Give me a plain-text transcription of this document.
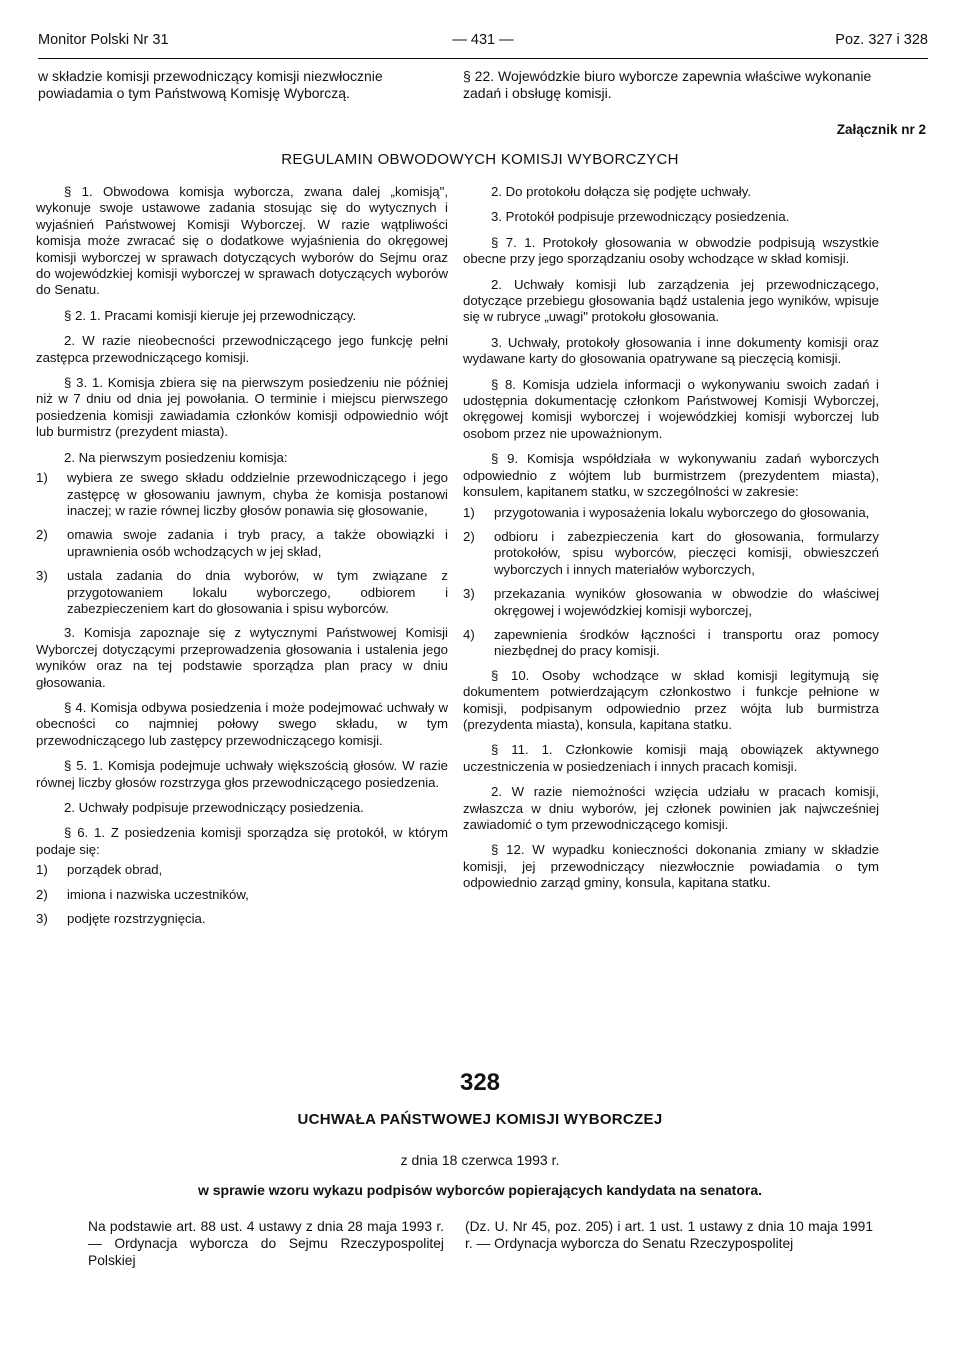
Monitor Polski Nr 31	— 431 —	Poz. 327 i 328
w składzie komisji przewodniczący komisji niezwłocznie powiadamia o tym Państwową Komisję Wyborczą.
§ 22. Wojewódzkie biuro wyborcze zapewnia właściwe wykonanie zadań i obsługę komisji.
Załącznik nr 2
REGULAMIN OBWODOWYCH KOMISJI WYBORCZYCH

§ 1. Obwodowa komisja wyborcza, zwana dalej „komisją", wykonuje swoje ustawowe zadania stosując się do wytycznych i wyjaśnień Państwowej Komisji Wyborczej. W razie wątpliwości komisja może zwracać się o dodatkowe wyjaśnienia do okręgowej komisji wyborczej w sprawach dotyczących wyborów do Sejmu oraz do wojewódzkiej komisji wyborczej w sprawach dotyczących wyborów do Senatu.

§ 2. 1. Pracami komisji kieruje jej przewodniczący.

2. W razie nieobecności przewodniczącego jego funkcję pełni zastępca przewodniczącego komisji.

§ 3. 1. Komisja zbiera się na pierwszym posiedzeniu nie później niż w 7 dniu od dnia jej powołania. O terminie i miejscu pierwszego posiedzenia komisji zawiadamia członków komisji odpowiednio wójt lub burmistrz (prezydent miasta).

2. Na pierwszym posiedzeniu komisja:

1)	wybiera ze swego składu oddzielnie przewodniczącego i jego zastępcę w głosowaniu jawnym, chyba że komisja postanowi inaczej; w razie równej liczby głosów ponawia się głosowanie,
2)	omawia swoje zadania i tryb pracy, a także obowiązki i uprawnienia osób wchodzących w jej skład,
3)	ustala zadania do dnia wyborów, w tym związane z przygotowaniem lokalu wyborczego, odbiorem i zabezpieczeniem kart do głosowania i spisu wyborców.

3. Komisja zapoznaje się z wytycznymi Państwowej Komisji Wyborczej dotyczącymi przeprowadzenia głosowania i ustalenia jego wyników oraz na tej podstawie sporządza plan pracy w dniu głosowania.

§ 4. Komisja odbywa posiedzenia i może podejmować uchwały w obecności co najmniej połowy swego składu, w tym przewodniczącego lub zastępcy przewodniczącego komisji.

§ 5. 1. Komisja podejmuje uchwały większością głosów. W razie równej liczby głosów rozstrzyga głos przewodniczącego posiedzenia.

2. Uchwały podpisuje przewodniczący posiedzenia.

§ 6. 1. Z posiedzenia komisji sporządza się protokół, w którym podaje się:

1)	porządek obrad,
2)	imiona i nazwiska uczestników,
3)	podjęte rozstrzygnięcia.

2. Do protokołu dołącza się podjęte uchwały.

3. Protokół podpisuje przewodniczący posiedzenia.

§ 7. 1. Protokoły głosowania w obwodzie podpisują wszystkie obecne przy jego sporządzaniu osoby wchodzące w skład komisji.

2. Uchwały komisji lub zarządzenia jej przewodniczącego, dotyczące przebiegu głosowania bądź ustalenia jego wyników, wpisuje się w rubryce „uwagi" protokołu głosowania.

3. Uchwały, protokoły głosowania i inne dokumenty komisji oraz wydawane karty do głosowania opatrywane są pieczęcią komisji.

§ 8. Komisja udziela informacji o wykonywaniu swoich zadań i udostępnia dokumentację członkom Państwowej Komisji Wyborczej, okręgowej komisji wyborczej i wojewódzkiej komisji wyborczej lub osobom przez nie upoważnionym.

§ 9. Komisja współdziała w wykonywaniu zadań wyborczych odpowiednio z wójtem lub burmistrzem (prezydentem miasta), konsulem, kapitanem statku, w szczególności w zakresie:

1)	przygotowania i wyposażenia lokalu wyborczego do głosowania,
2)	odbioru i zabezpieczenia kart do głosowania, formularzy protokołów, spisu wyborców, pieczęci komisji, obwieszczeń wyborczych i innych materiałów wyborczych,
3)	przekazania wyników głosowania w obwodzie do właściwej okręgowej i wojewódzkiej komisji wyborczej,
4)	zapewnienia środków łączności i transportu oraz pomocy niezbędnej do pracy komisji.

§ 10. Osoby wchodzące w skład komisji legitymują się dokumentem potwierdzającym członkostwo i funkcje pełnione w komisji, podpisanym odpowiednio przez wójta lub burmistrza (prezydenta miasta), konsula, kapitana statku.

§ 11. 1. Członkowie komisji mają obowiązek aktywnego uczestniczenia w posiedzeniach i innych pracach komisji.

2. W razie niemożności wzięcia udziału w pracach komisji, zwłaszcza w dniu wyborów, jej członek powinien jak najwcześniej zawiadomić o tym przewodniczącego komisji.

§ 12. W wypadku konieczności dokonania zmiany w składzie komisji, jej przewodniczący niezwłocznie powiadamia o tym odpowiednio zarząd gminy, konsula, kapitana statku.

328
UCHWAŁA PAŃSTWOWEJ KOMISJI WYBORCZEJ
z dnia 18 czerwca 1993 r.
w sprawie wzoru wykazu podpisów wyborców popierających kandydata na senatora.
Na podstawie art. 88 ust. 4 ustawy z dnia 28 maja 1993 r. — Ordynacja wyborcza do Sejmu Rzeczypospolitej Polskiej
(Dz. U. Nr 45, poz. 205) i art. 1 ust. 1 ustawy z dnia 10 maja 1991 r. — Ordynacja wyborcza do Senatu Rzeczypospolitej
